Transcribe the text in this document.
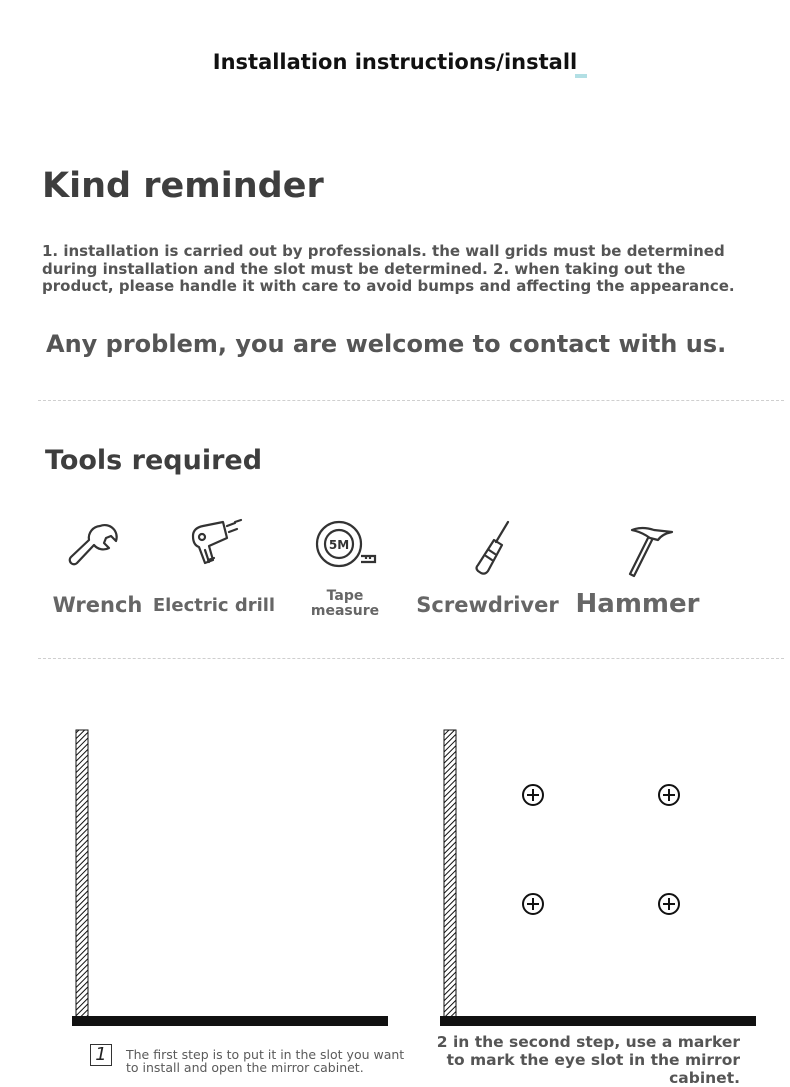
Installation instructions/install
Kind reminder
1. installation is carried out by professionals. the wall grids must be determined during installation and the slot must be determined. 2. when taking out the product, please handle it with care to avoid bumps and affecting the appearance.
Any problem, you are welcome to contact with us.
Tools required
Wrench Electric drill
5M
Tape measure	Screwdriver Hammer
1	The first step is to put it in the slot you want to install and open the mirror cabinet.
2 in the second step, use a marker to mark the eye slot in the mirror cabinet.
